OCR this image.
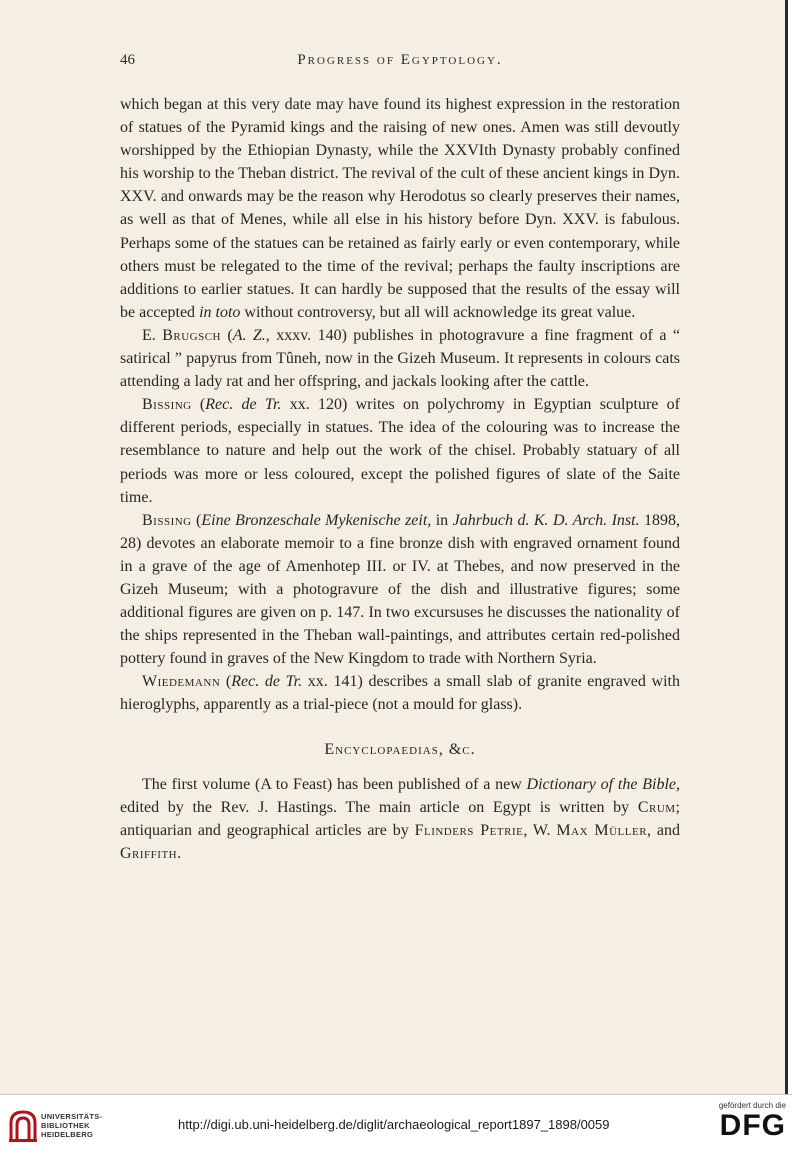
46	Progress of Egyptology.

which began at this very date may have found its highest expression in the restoration of statues of the Pyramid kings and the raising of new ones. Amen was still devoutly worshipped by the Ethiopian Dynasty, while the XXVIth Dynasty probably confined his worship to the Theban district. The revival of the cult of these ancient kings in Dyn. XXV. and onwards may be the reason why Herodotus so clearly preserves their names, as well as that of Menes, while all else in his history before Dyn. XXV. is fabulous. Perhaps some of the statues can be retained as fairly early or even contemporary, while others must be relegated to the time of the revival; perhaps the faulty inscriptions are additions to earlier statues. It can hardly be supposed that the results of the essay will be accepted in toto without controversy, but all will acknowledge its great value.

E. Brugsch (A. Z., xxxv. 140) publishes in photogravure a fine fragment of a “ satirical ” papyrus from Tûneh, now in the Gizeh Museum. It represents in colours cats attending a lady rat and her offspring, and jackals looking after the cattle.

Bissing (Rec. de Tr. xx. 120) writes on polychromy in Egyptian sculpture of different periods, especially in statues. The idea of the colouring was to increase the resemblance to nature and help out the work of the chisel. Probably statuary of all periods was more or less coloured, except the polished figures of slate of the Saite time.

Bissing (Eine Bronzeschale Mykenische zeit, in Jahrbuch d. K. D. Arch. Inst. 1898, 28) devotes an elaborate memoir to a fine bronze dish with engraved ornament found in a grave of the age of Amenhotep III. or IV. at Thebes, and now preserved in the Gizeh Museum; with a photogravure of the dish and illustrative figures; some additional figures are given on p. 147. In two excursuses he discusses the nationality of the ships represented in the Theban wall-paintings, and attributes certain red-polished pottery found in graves of the New Kingdom to trade with Northern Syria.

Wiedemann (Rec. de Tr. xx. 141) describes a small slab of granite engraved with hieroglyphs, apparently as a trial-piece (not a mould for glass).

Encyclopaedias, &c.

The first volume (A to Feast) has been published of a new Dictionary of the Bible, edited by the Rev. J. Hastings. The main article on Egypt is written by Crum; antiquarian and geographical articles are by Flinders Petrie, W. Max Müller, and Griffith.

UNIVERSITÄTS-
BIBLIOTHEK
HEIDELBERG
http://digi.ub.uni-heidelberg.de/diglit/archaeological_report1897_1898/0059
gefördert durch die
DFG
